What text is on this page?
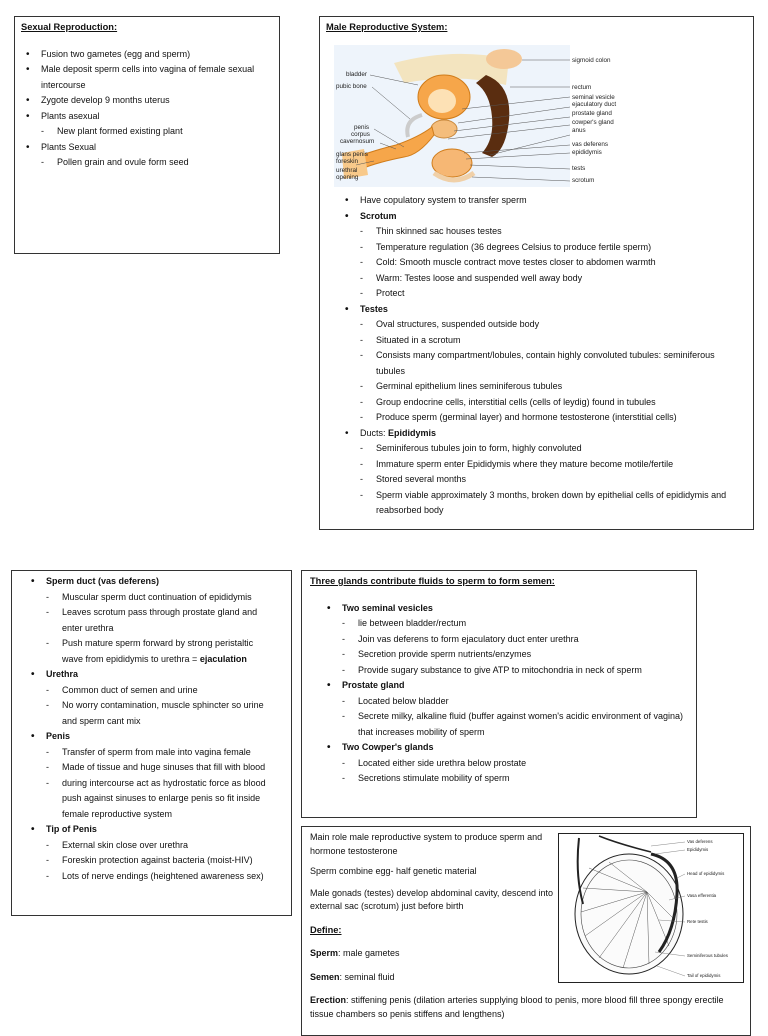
Sexual Reproduction:
• Fusion two gametes (egg and sperm)
• Male deposit sperm cells into vagina of female sexual intercourse
• Zygote develop 9 months uterus
• Plants asexual
- New plant formed existing plant
• Plants Sexual
- Pollen grain and ovule form seed
Male Reproductive System:
bladder
pubic bone
penis
corpus
cavernosum
glans penis
foreskin
urethral
opening
sigmoid colon
rectum
seminal vesicle
ejaculatory duct
prostate gland
cowper's gland
anus
vas deferens
epididymis
tests
scrotum
• Have copulatory system to transfer sperm
• Scrotum
- Thin skinned sac houses testes
- Temperature regulation (36 degrees Celsius to produce fertile sperm)
- Cold: Smooth muscle contract move testes closer to abdomen warmth
- Warm: Testes loose and suspended well away body
- Protect
• Testes
- Oval structures, suspended outside body
- Situated in a scrotum
- Consists many compartment/lobules, contain highly convoluted tubules: seminiferous tubules
- Germinal epithelium lines seminiferous tubules
- Group endocrine cells, interstitial cells (cells of leydig) found in tubules
- Produce sperm (germinal layer) and hormone testosterone (interstitial cells)
• Ducts: Epididymis
- Seminiferous tubules join to form, highly convoluted
- Immature sperm enter Epididymis where they mature become motile/fertile
- Stored several months
- Sperm viable approximately 3 months, broken down by epithelial cells of epididymis and reabsorbed body
• Sperm duct (vas deferens)
- Muscular sperm duct continuation of epididymis
- Leaves scrotum pass through prostate gland and enter urethra
- Push mature sperm forward by strong peristaltic wave from epididymis to urethra = ejaculation
• Urethra
- Common duct of semen and urine
- No worry contamination, muscle sphincter so urine and sperm cant mix
• Penis
- Transfer of sperm from male into vagina female
- Made of tissue and huge sinuses that fill with blood
- during intercourse act as hydrostatic force as blood push against sinuses to enlarge penis so fit inside female reproductive system
• Tip of Penis
- External skin close over urethra
- Foreskin protection against bacteria (moist-HIV)
- Lots of nerve endings (heightened awareness sex)
Three glands contribute fluids to sperm to form semen:
• Two seminal vesicles
- lie between bladder/rectum
- Join vas deferens to form ejaculatory duct enter urethra
- Secretion provide sperm nutrients/enzymes
- Provide sugary substance to give ATP to mitochondria in neck of sperm
• Prostate gland
- Located below bladder
- Secrete milky, alkaline fluid (buffer against women's acidic environment of vagina) that increases mobility of sperm
• Two Cowper's glands
- Located either side urethra below prostate
- Secretions stimulate mobility of sperm

Main role male reproductive system to produce sperm and hormone testosterone

Sperm combine egg- half genetic material

Male gonads (testes) develop abdominal cavity, descend into external sac (scrotum) just before birth

Define:

Sperm: male gametes

Semen: seminal fluid

Erection: stiffening penis (dilation arteries supplying blood to penis, more blood fill three spongy erectile tissue chambers so penis stiffens and lengthens)

Vas deferens
Epididymis
Head of epididymis
Vasa efferentia
Rete testis
Seminiferous tubules
Tail of epididymis
